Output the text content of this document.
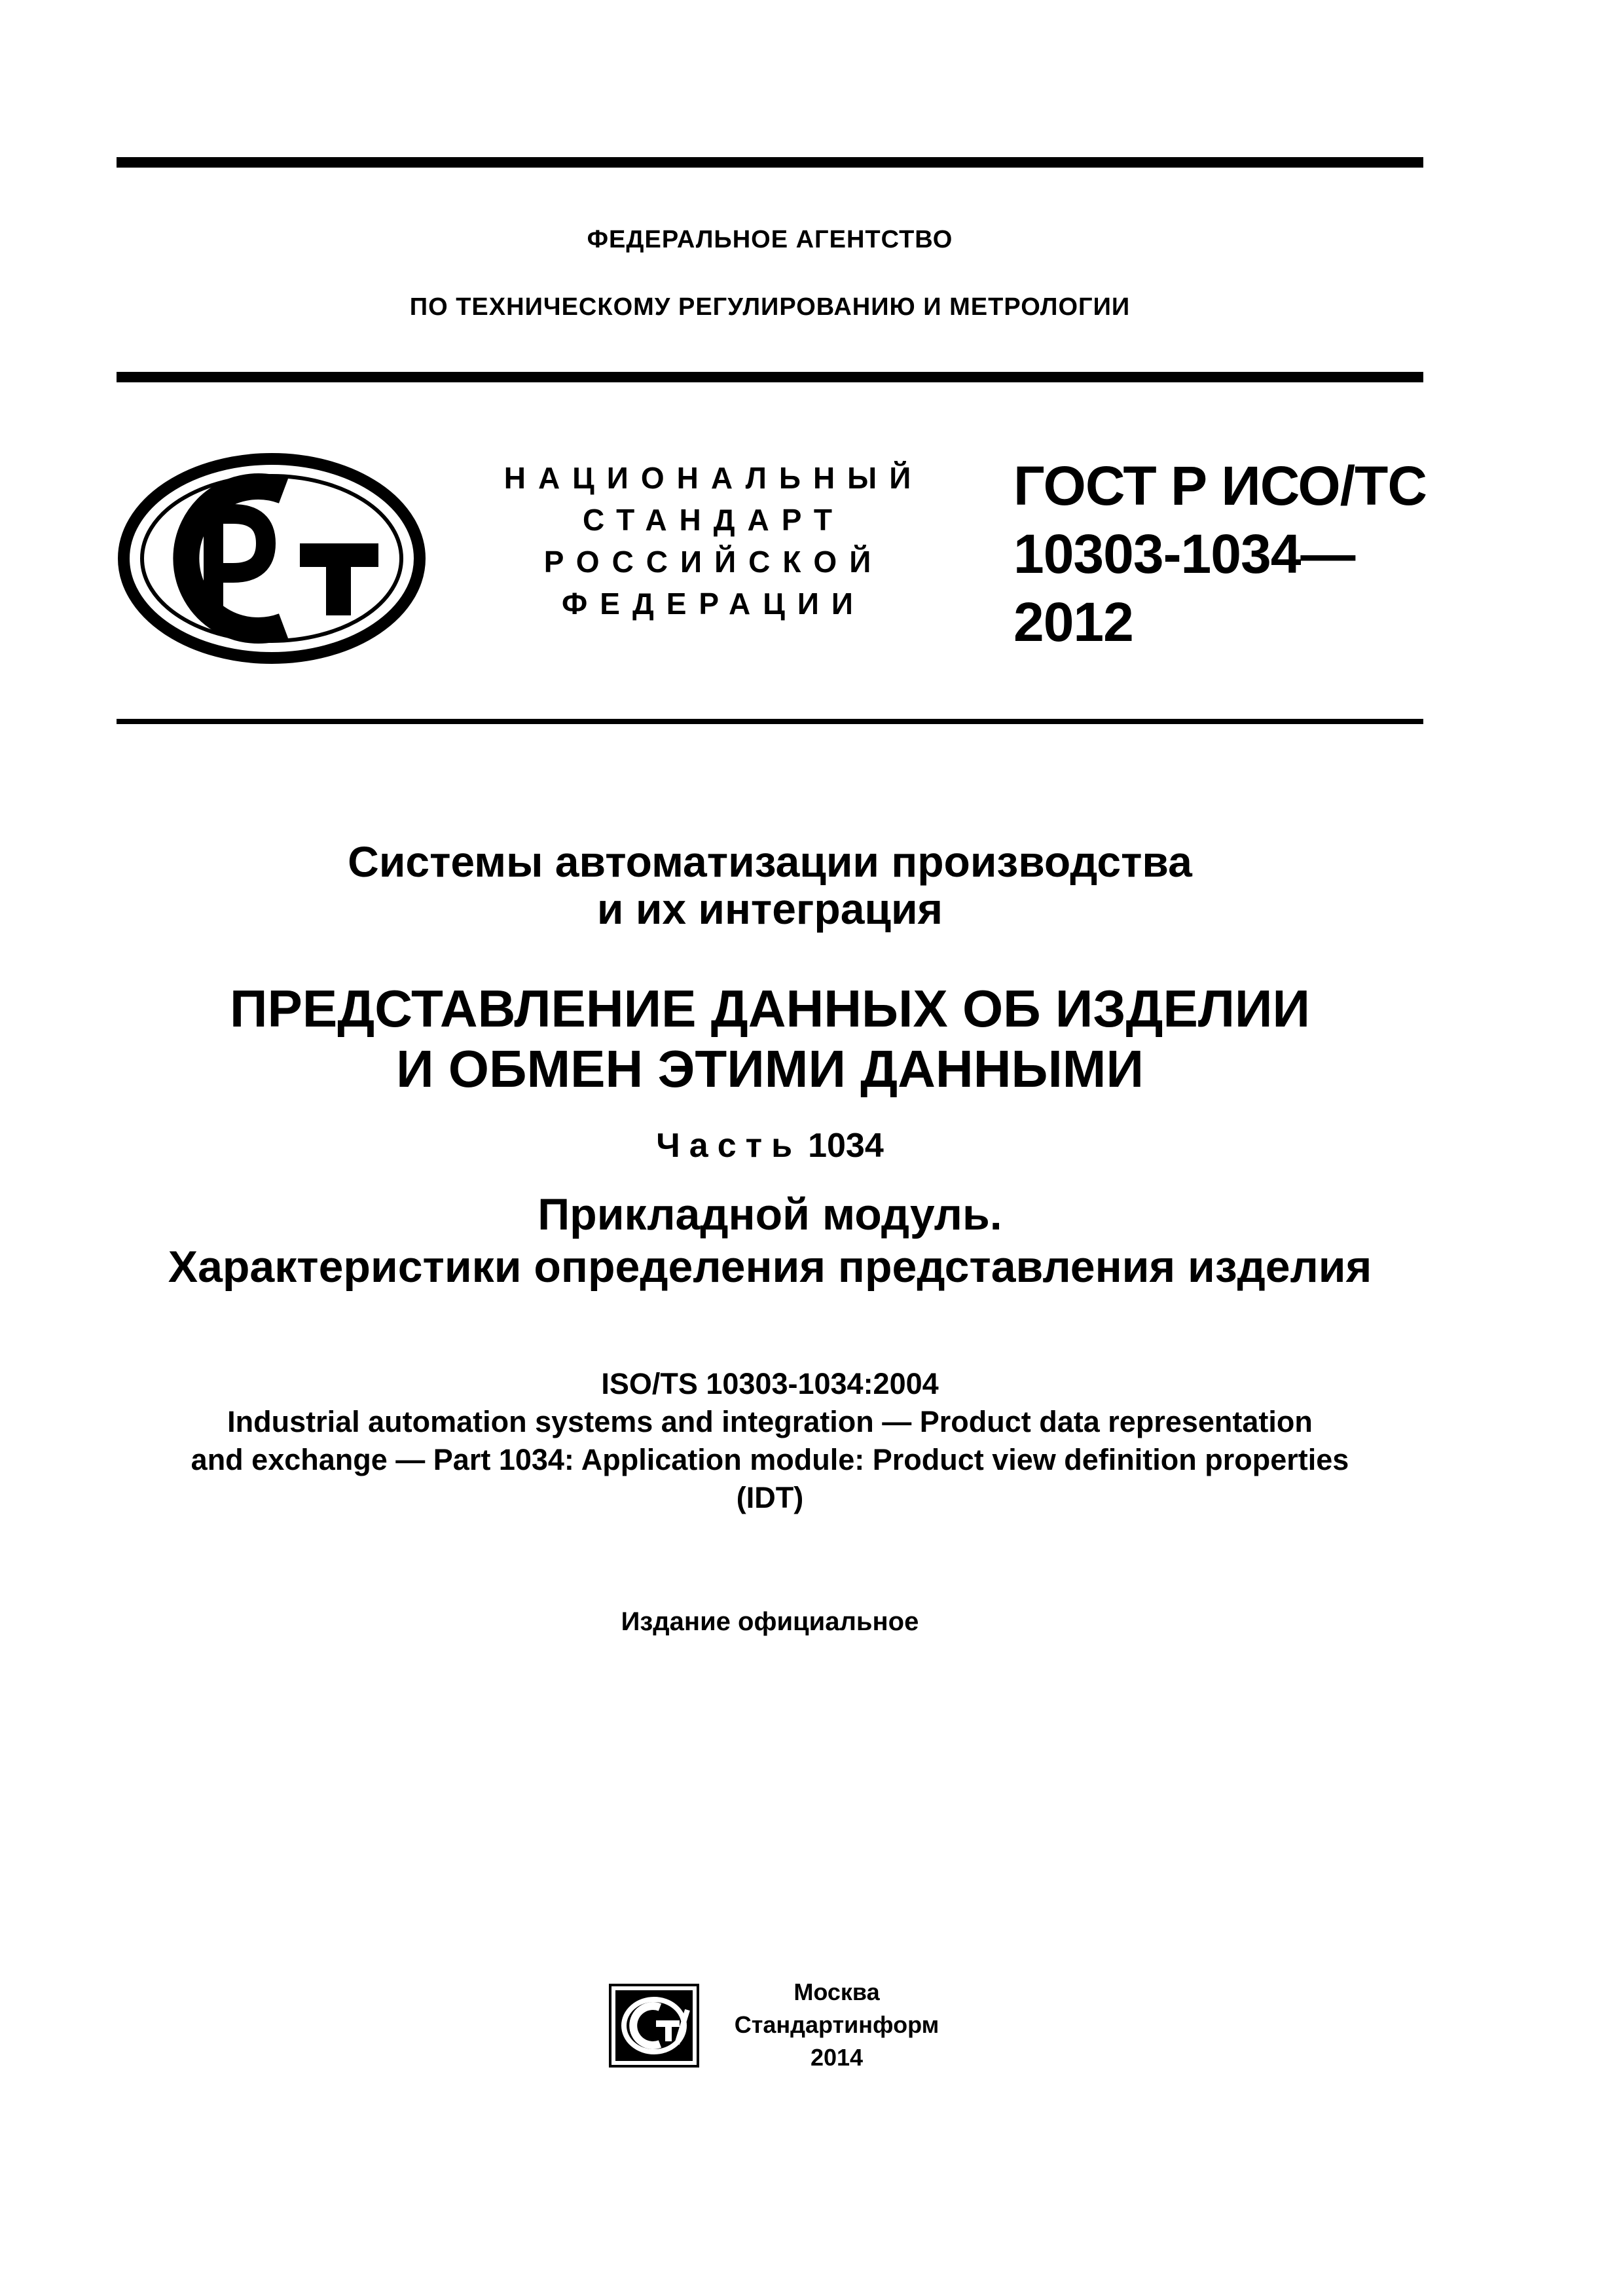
ФЕДЕРАЛЬНОЕ АГЕНТСТВО
ПО ТЕХНИЧЕСКОМУ РЕГУЛИРОВАНИЮ И МЕТРОЛОГИИ
НАЦИОНАЛЬНЫЙ
СТАНДАРТ
РОССИЙСКОЙ
ФЕДЕРАЦИИ
ГОСТ Р ИСО/ТС
10303-1034—
2012
Системы автоматизации производства
и их интеграция
ПРЕДСТАВЛЕНИЕ ДАННЫХ ОБ ИЗДЕЛИИ
И ОБМЕН ЭТИМИ ДАННЫМИ
Часть 1034
Прикладной модуль.
Характеристики определения представления изделия
ISO/TS 10303-1034:2004
Industrial automation systems and integration — Product data representation
and exchange — Part 1034: Application module: Product view definition properties
(IDT)
Издание официальное
Москва
Стандартинформ
2014
